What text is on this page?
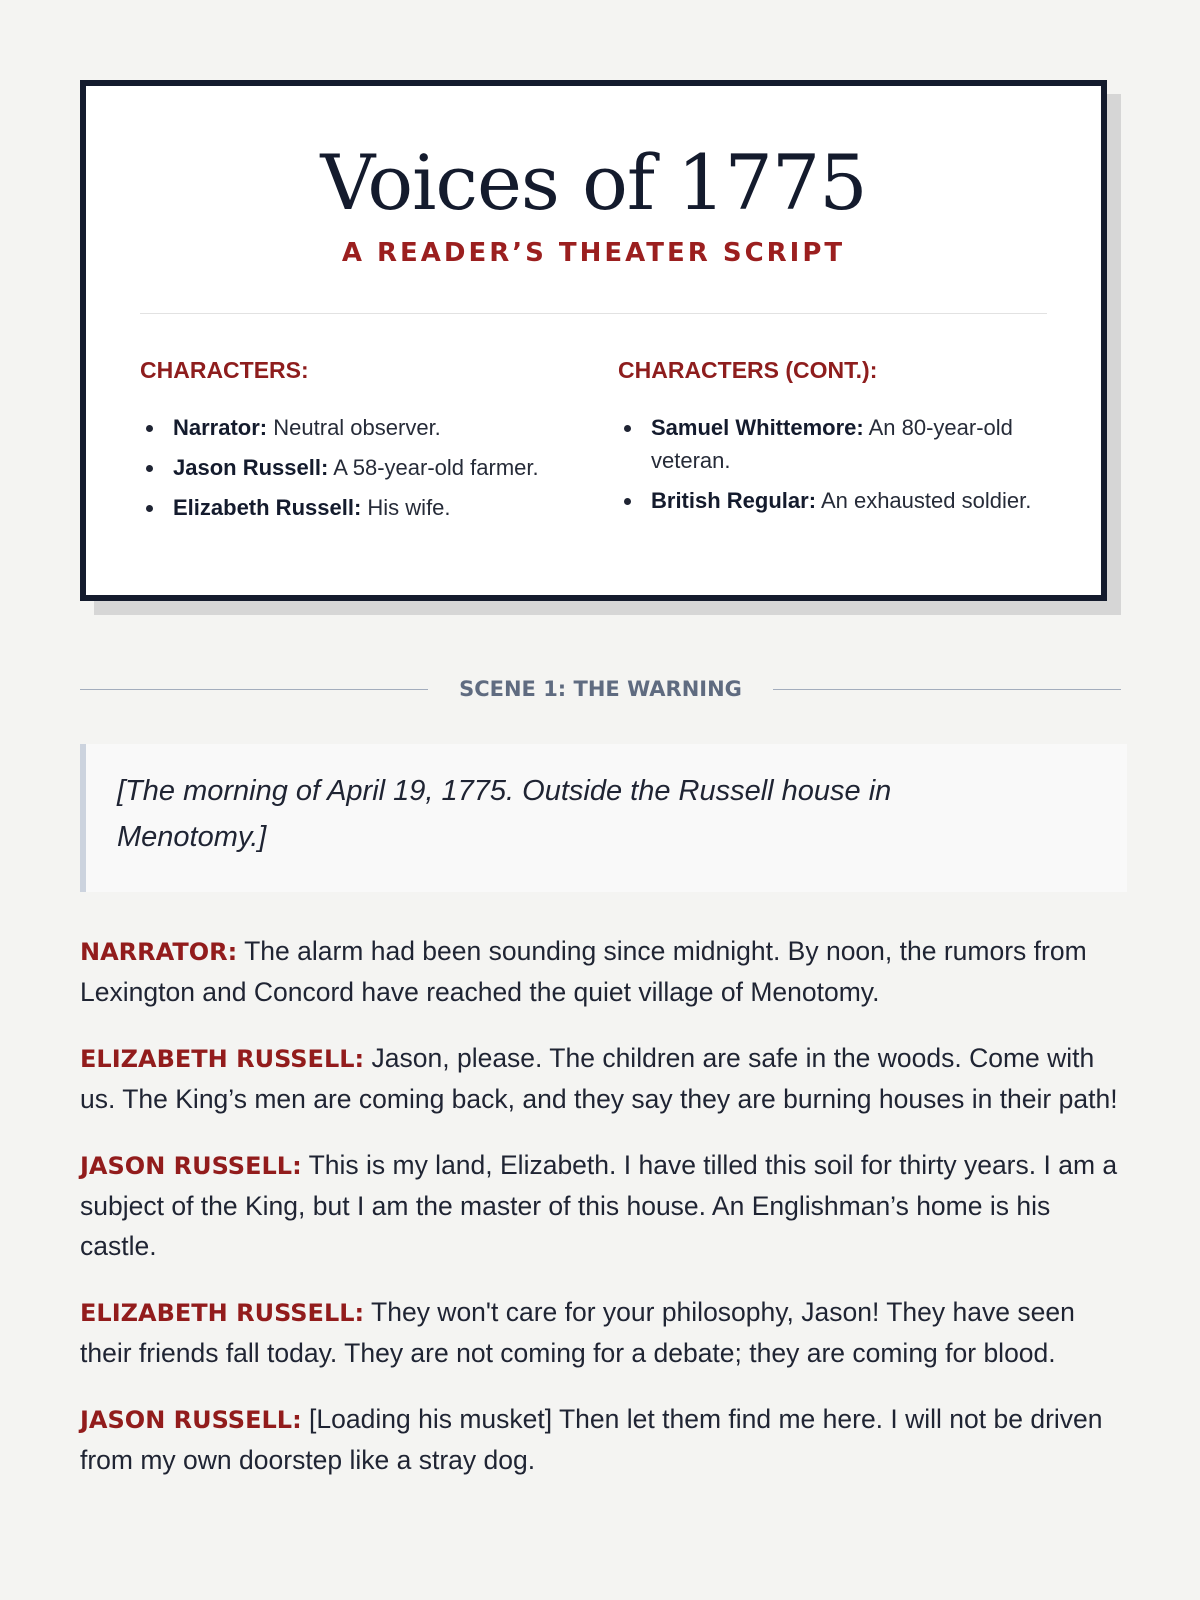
Voices of 1775
A READER’S THEATER SCRIPT
CHARACTERS:
Narrator: Neutral observer.
Jason Russell: A 58-year-old farmer.
Elizabeth Russell: His wife.
CHARACTERS (CONT.):
Samuel Whittemore: An 80-year-old veteran.
British Regular: An exhausted soldier.
SCENE 1: THE WARNING
[The morning of April 19, 1775. Outside the Russell house in Menotomy.]

NARRATOR: The alarm had been sounding since midnight. By noon, the rumors from Lexington and Concord have reached the quiet village of Menotomy.

ELIZABETH RUSSELL: Jason, please. The children are safe in the woods. Come with us. The King’s men are coming back, and they say they are burning houses in their path!

JASON RUSSELL: This is my land, Elizabeth. I have tilled this soil for thirty years. I am a subject of the King, but I am the master of this house. An Englishman’s home is his castle.

ELIZABETH RUSSELL: They won't care for your philosophy, Jason! They have seen their friends fall today. They are not coming for a debate; they are coming for blood.

JASON RUSSELL: [Loading his musket] Then let them find me here. I will not be driven from my own doorstep like a stray dog.
